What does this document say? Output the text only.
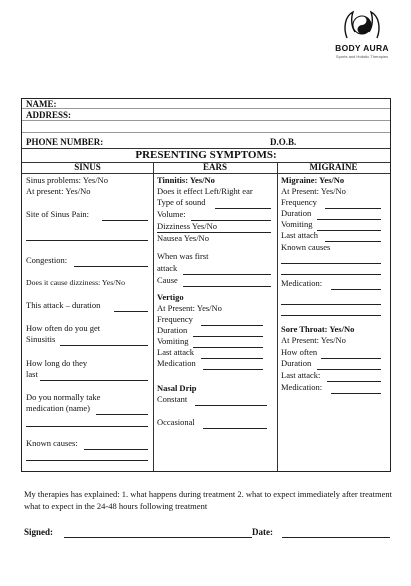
BODY AURA
Sports and Holistic Therapies
NAME:
ADDRESS:
PHONE NUMBER:	D.O.B.
PRESENTING SYMPTOMS:
SINUS
Sinus problems: Yes/No
At present: Yes/No
Site of Sinus Pain:
Congestion:
Does it cause dizziness: Yes/No
This attack – duration
How often do you get
Sinusitis
How long do they
last
Do you normally take
medication (name)
Known causes:
EARS
Tinnitis: Yes/No
Does it effect Left/Right ear
Type of sound
Volume:
Dizziness Yes/No
Nausea Yes/No
When was first
attack
Cause
Vertigo
At Present: Yes/No
Frequency
Duration
Vomiting
Last attack
Medication
Nasal Drip
Constant
Occasional
MIGRAINE
Migraine: Yes/No
At Present: Yes/No
Frequency
Duration
Vomiting
Last attach
Known causes
Medication:
Sore Throat: Yes/No
At Present: Yes/No
How often
Duration
Last attack:
Medication:
My therapies has explained: 1. what happens during treatment 2. what to expect immediately after treatment what to expect in the 24-48 hours following treatment
Signed:	Date:
